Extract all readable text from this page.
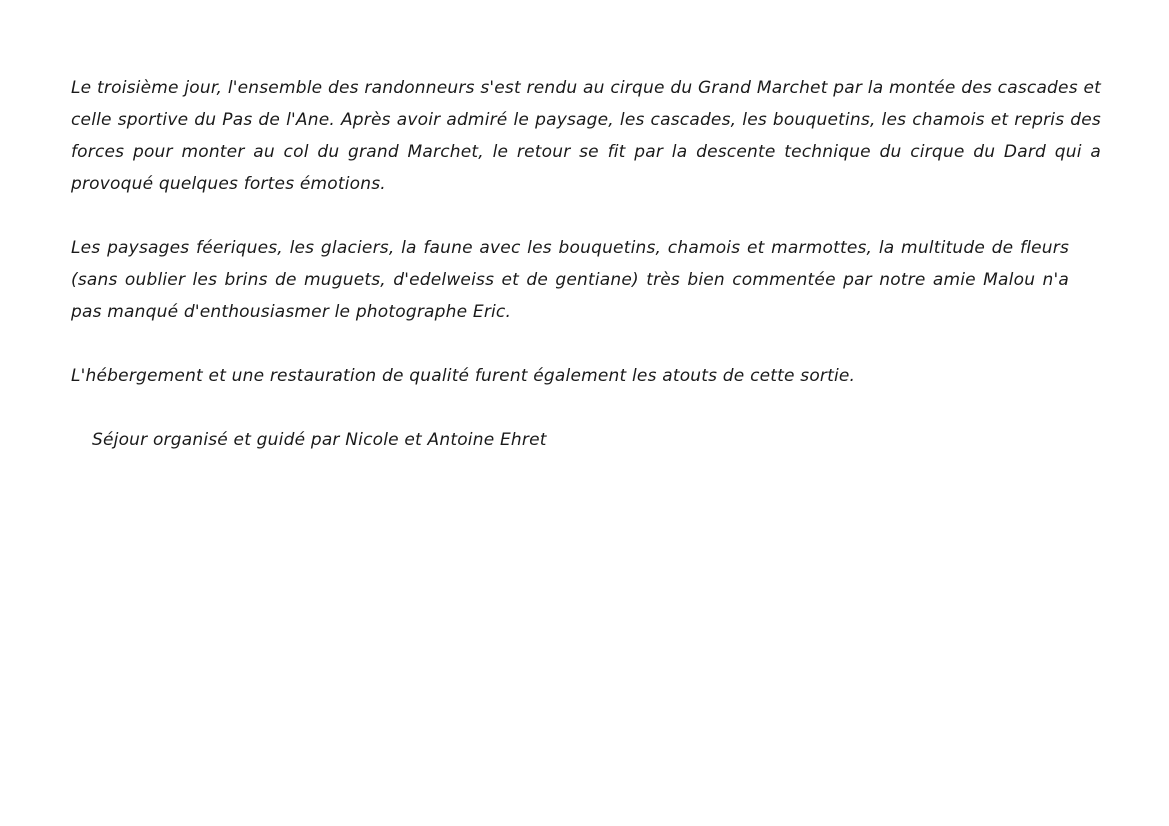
Le troisième jour, l'ensemble des randonneurs s'est rendu au cirque du Grand Marchet par la montée des cascades et celle sportive du Pas de l'Ane. Après avoir admiré le paysage, les cascades, les bouquetins, les chamois et repris des forces pour monter au col du grand Marchet, le retour se fit par la descente technique du cirque du Dard qui a provoqué quelques fortes émotions.

Les paysages féeriques, les glaciers, la faune avec les bouquetins, chamois et marmottes, la multitude de fleurs (sans oublier les brins de muguets, d'edelweiss et de gentiane) très bien commentée par notre amie Malou n'a pas manqué d'enthousiasmer le photographe Eric.

L'hébergement et une restauration de qualité furent également les atouts de cette sortie.

Séjour organisé et guidé par Nicole et Antoine Ehret
